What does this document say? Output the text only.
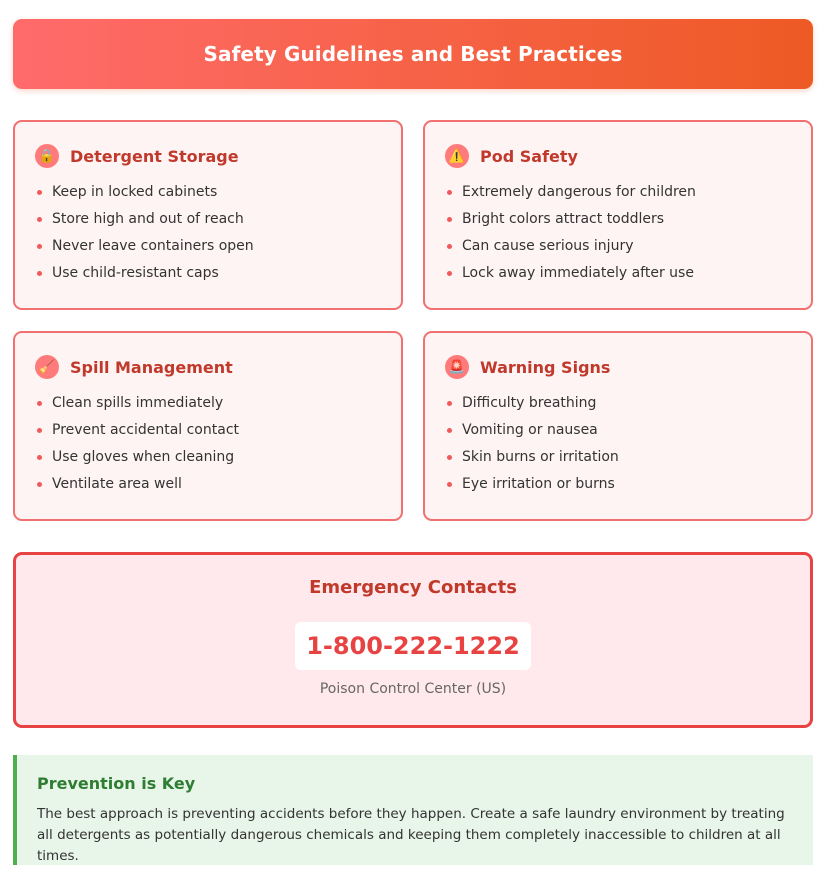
Safety Guidelines and Best Practices
🔒 Detergent Storage
Keep in locked cabinets
Store high and out of reach
Never leave containers open
Use child-resistant caps
⚠️ Pod Safety
Extremely dangerous for children
Bright colors attract toddlers
Can cause serious injury
Lock away immediately after use
🧹 Spill Management
Clean spills immediately
Prevent accidental contact
Use gloves when cleaning
Ventilate area well
🚨 Warning Signs
Difficulty breathing
Vomiting or nausea
Skin burns or irritation
Eye irritation or burns
Emergency Contacts
1-800-222-1222

Poison Control Center (US)

Prevention is Key

The best approach is preventing accidents before they happen. Create a safe laundry environment by treating all detergents as potentially dangerous chemicals and keeping them completely inaccessible to children at all times.
